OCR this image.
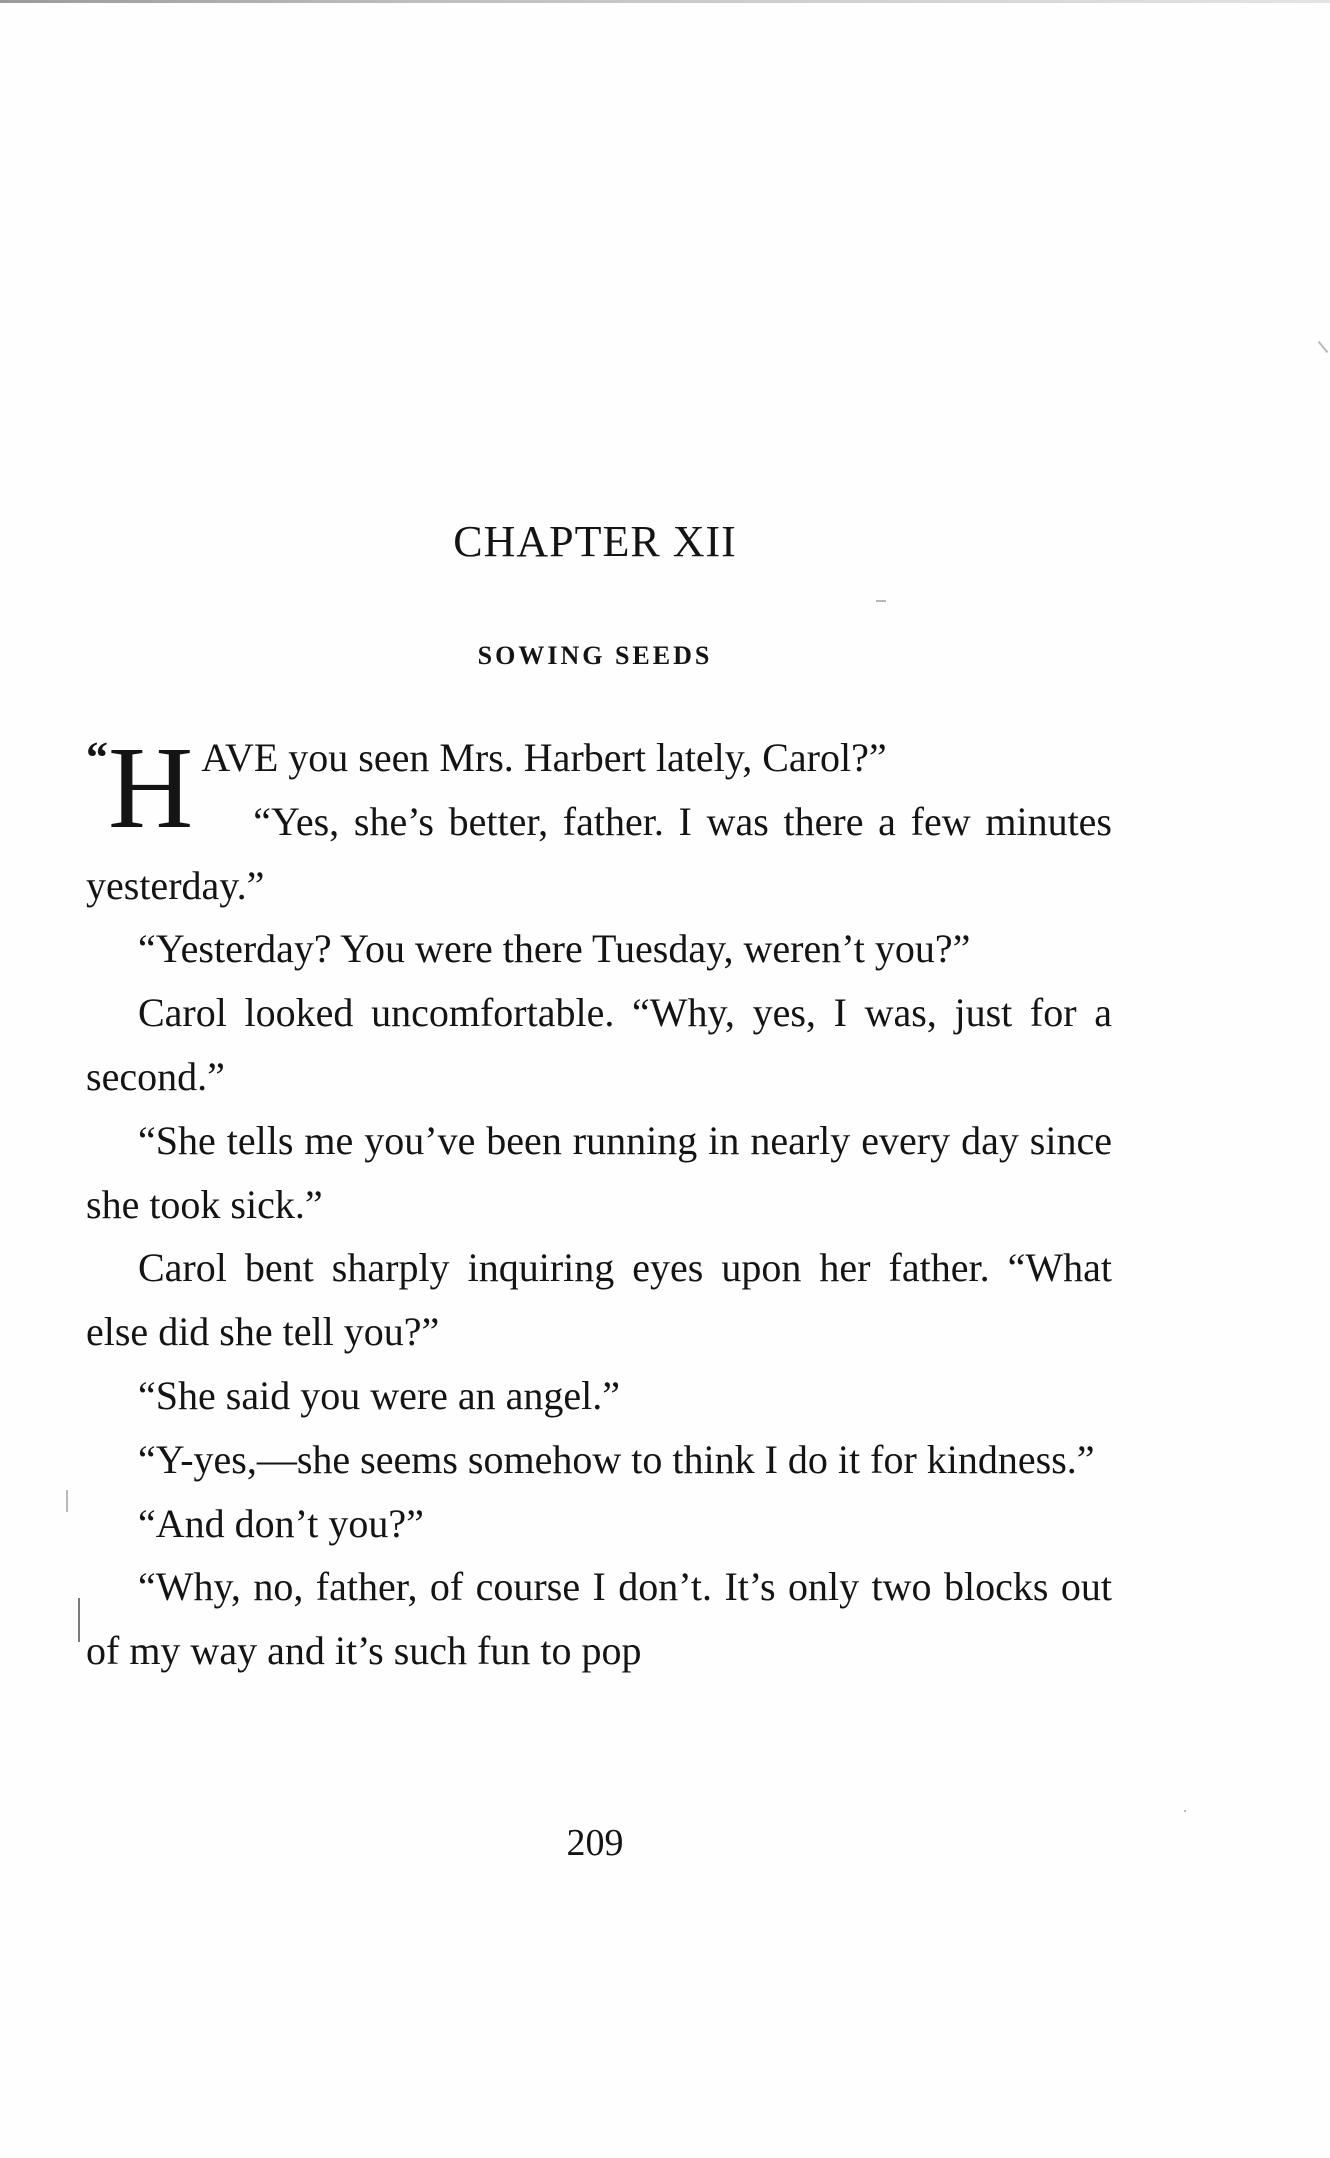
CHAPTER XII
SOWING SEEDS

“ H AVE you seen Mrs. Harbert lately, Carol?”

“Yes, she’s better, father. I was there a few minutes yesterday.”

“Yesterday? You were there Tuesday, weren’t you?”

Carol looked uncomfortable. “Why, yes, I was, just for a second.”

“She tells me you’ve been running in nearly every day since she took sick.”

Carol bent sharply inquiring eyes upon her father. “What else did she tell you?”

“She said you were an angel.”

“Y-yes,—she seems somehow to think I do it for kindness.”

“And don’t you?”

“Why, no, father, of course I don’t. It’s only two blocks out of my way and it’s such fun to pop

209
